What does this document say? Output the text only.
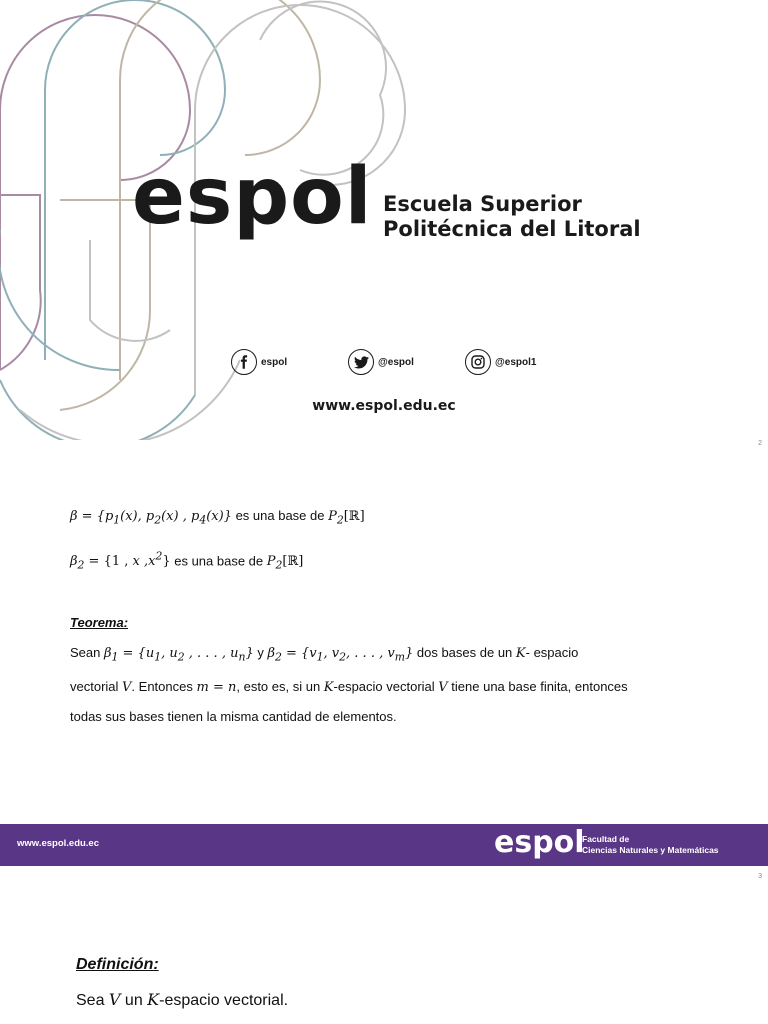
espol Escuela Superior
Politécnica del Litoral
espol	@espol	@espol1
www.espol.edu.ec
2
$\beta = \{p_1(x)$, $p_2(x)$ , $p_4(x)$} es una base de $P_2[ℝ]$
$\beta_2 = \{1$ , x $,x^2$} es una base de $P_2[ℝ]$
Teorema:
Sean $\beta_1 = \{u_1$, $u_2$ , . . . , $u_n$} y $\beta_2 = \{v_1$, $v_2$, . . . , $v_m$} dos bases de un K- espacio vectorial V. Entonces m = n, esto es, si un K-espacio vectorial V tiene una base finita, entonces todas sus bases tienen la misma cantidad de elementos.
www.espol.edu.ec	espol
Facultad de
Ciencias Naturales y Matemáticas
3
Definición:
Sea V un K-espacio vectorial.
